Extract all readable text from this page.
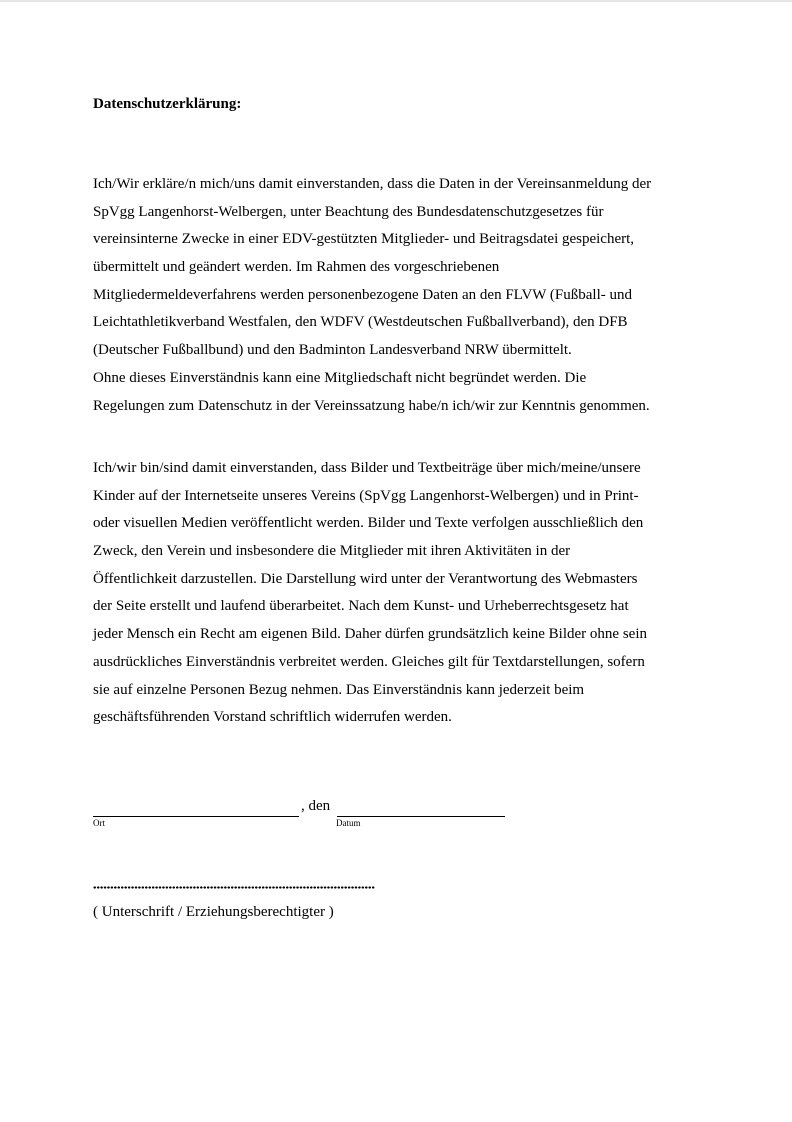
Datenschutzerklärung:
Ich/Wir erkläre/n mich/uns damit einverstanden, dass die Daten in der Vereinsanmeldung der
SpVgg Langenhorst-Welbergen, unter Beachtung des Bundesdatenschutzgesetzes für
vereinsinterne Zwecke in einer EDV-gestützten Mitglieder- und Beitragsdatei gespeichert,
übermittelt und geändert werden. Im Rahmen des vorgeschriebenen
Mitgliedermeldeverfahrens werden personenbezogene Daten an den FLVW (Fußball- und
Leichtathletikverband Westfalen, den WDFV (Westdeutschen Fußballverband), den DFB
(Deutscher Fußballbund) und den Badminton Landesverband NRW übermittelt.
Ohne dieses Einverständnis kann eine Mitgliedschaft nicht begründet werden. Die
Regelungen zum Datenschutz in der Vereinssatzung habe/n ich/wir zur Kenntnis genommen.
Ich/wir bin/sind damit einverstanden, dass Bilder und Textbeiträge über mich/meine/unsere
Kinder auf der Internetseite unseres Vereins (SpVgg Langenhorst-Welbergen) und in Print-
oder visuellen Medien veröffentlicht werden. Bilder und Texte verfolgen ausschließlich den
Zweck, den Verein und insbesondere die Mitglieder mit ihren Aktivitäten in der
Öffentlichkeit darzustellen. Die Darstellung wird unter der Verantwortung des Webmasters
der Seite erstellt und laufend überarbeitet. Nach dem Kunst- und Urheberrechtsgesetz hat
jeder Mensch ein Recht am eigenen Bild. Daher dürfen grundsätzlich keine Bilder ohne sein
ausdrückliches Einverständnis verbreitet werden. Gleiches gilt für Textdarstellungen, sofern
sie auf einzelne Personen Bezug nehmen. Das Einverständnis kann jederzeit beim
geschäftsführenden Vorstand schriftlich widerrufen werden.
, den
Ort	Datum
( Unterschrift / Erziehungsberechtigter )
